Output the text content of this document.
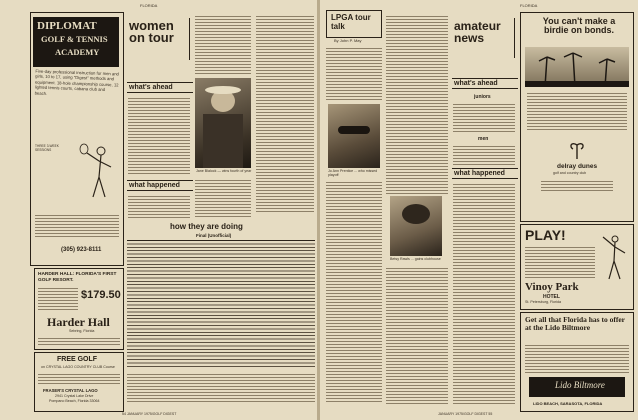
FLORIDA
DIPLOMAT
GOLF & TENNIS
ACADEMY
Five-day professional instruction for men and girls, 10 to 17, using "Digest" methods and equipment. 18-hole championship course, 12 lighted tennis courts, cabana club and beach.
THREE 3-WEEK SESSIONS
(305) 923-8111
HARDER HALL: FLORIDA'S FIRST GOLF RESORT.
$179.50
Harder Hall
Sebring, Florida
FREE GOLF
on CRYSTAL LAGO COUNTRY CLUB Course
FRASER'S CRYSTAL LAGO
2941 Crystal Lake Drive
Pompano Beach, Florida 33064
women on tour
what's ahead
what happened
Jane Blalock — wins fourth of year
how they are doing
Final (Unofficial)
54 JANUARY 1975/GOLF DIGEST
FLORIDA
LPGA tour talk
By John P. May
Jo Ann Prentice ... who missed playoff
Betsy Rawls ... gains clubhouse
amateur news
what's ahead
juniors
men
what happened
You can't make a birdie on bonds.
delray dunes
golf and country club
PLAY!
Vinoy Park
HOTEL
St. Petersburg, Florida
Get all that Florida has to offer at the Lido Biltmore
Lido Biltmore
LIDO BEACH, SARASOTA, FLORIDA
JANUARY 1975/GOLF DIGEST 55
